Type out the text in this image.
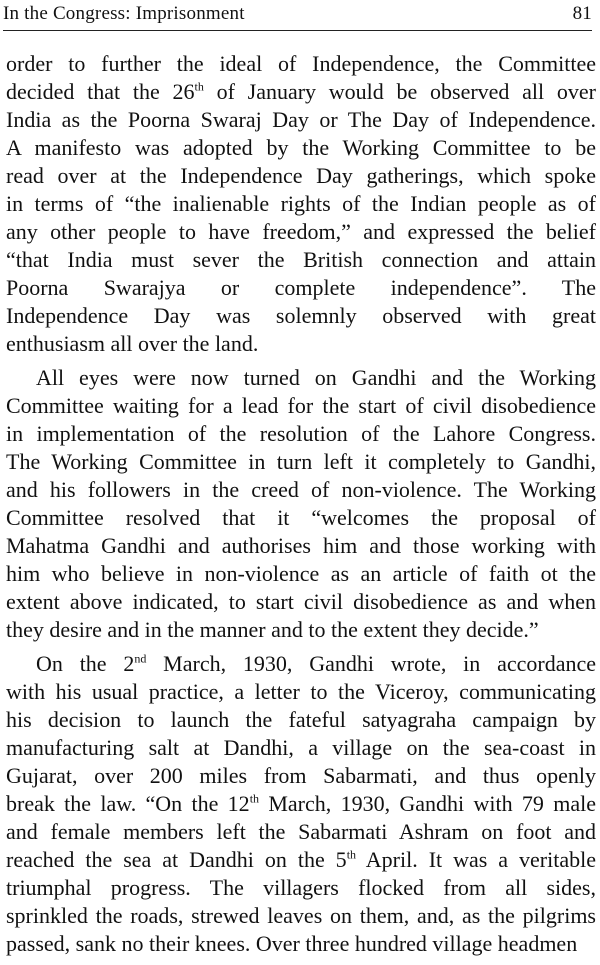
In the Congress: Imprisonment	81
order to further the ideal of Independence, the Committee
decided that the 26th of January would be observed all over
India as the Poorna Swaraj Day or The Day of Independence.
A manifesto was adopted by the Working Committee to be
read over at the Independence Day gatherings, which spoke
in terms of “the inalienable rights of the Indian people as of
any other people to have freedom,” and expressed the belief
“that India must sever the British connection and attain
Poorna Swarajya or complete independence”. The
Independence Day was solemnly observed with great
enthusiasm all over the land.
All eyes were now turned on Gandhi and the Working
Committee waiting for a lead for the start of civil disobedience
in implementation of the resolution of the Lahore Congress.
The Working Committee in turn left it completely to Gandhi,
and his followers in the creed of non-violence. The Working
Committee resolved that it “welcomes the proposal of
Mahatma Gandhi and authorises him and those working with
him who believe in non-violence as an article of faith ot the
extent above indicated, to start civil disobedience as and when
they desire and in the manner and to the extent they decide.”
On the 2nd March, 1930, Gandhi wrote, in accordance
with his usual practice, a letter to the Viceroy, communicating
his decision to launch the fateful satyagraha campaign by
manufacturing salt at Dandhi, a village on the sea-coast in
Gujarat, over 200 miles from Sabarmati, and thus openly
break the law. “On the 12th March, 1930, Gandhi with 79 male
and female members left the Sabarmati Ashram on foot and
reached the sea at Dandhi on the 5th April. It was a veritable
triumphal progress. The villagers flocked from all sides,
sprinkled the roads, strewed leaves on them, and, as the pilgrims
passed, sank no their knees. Over three hundred village headmen
